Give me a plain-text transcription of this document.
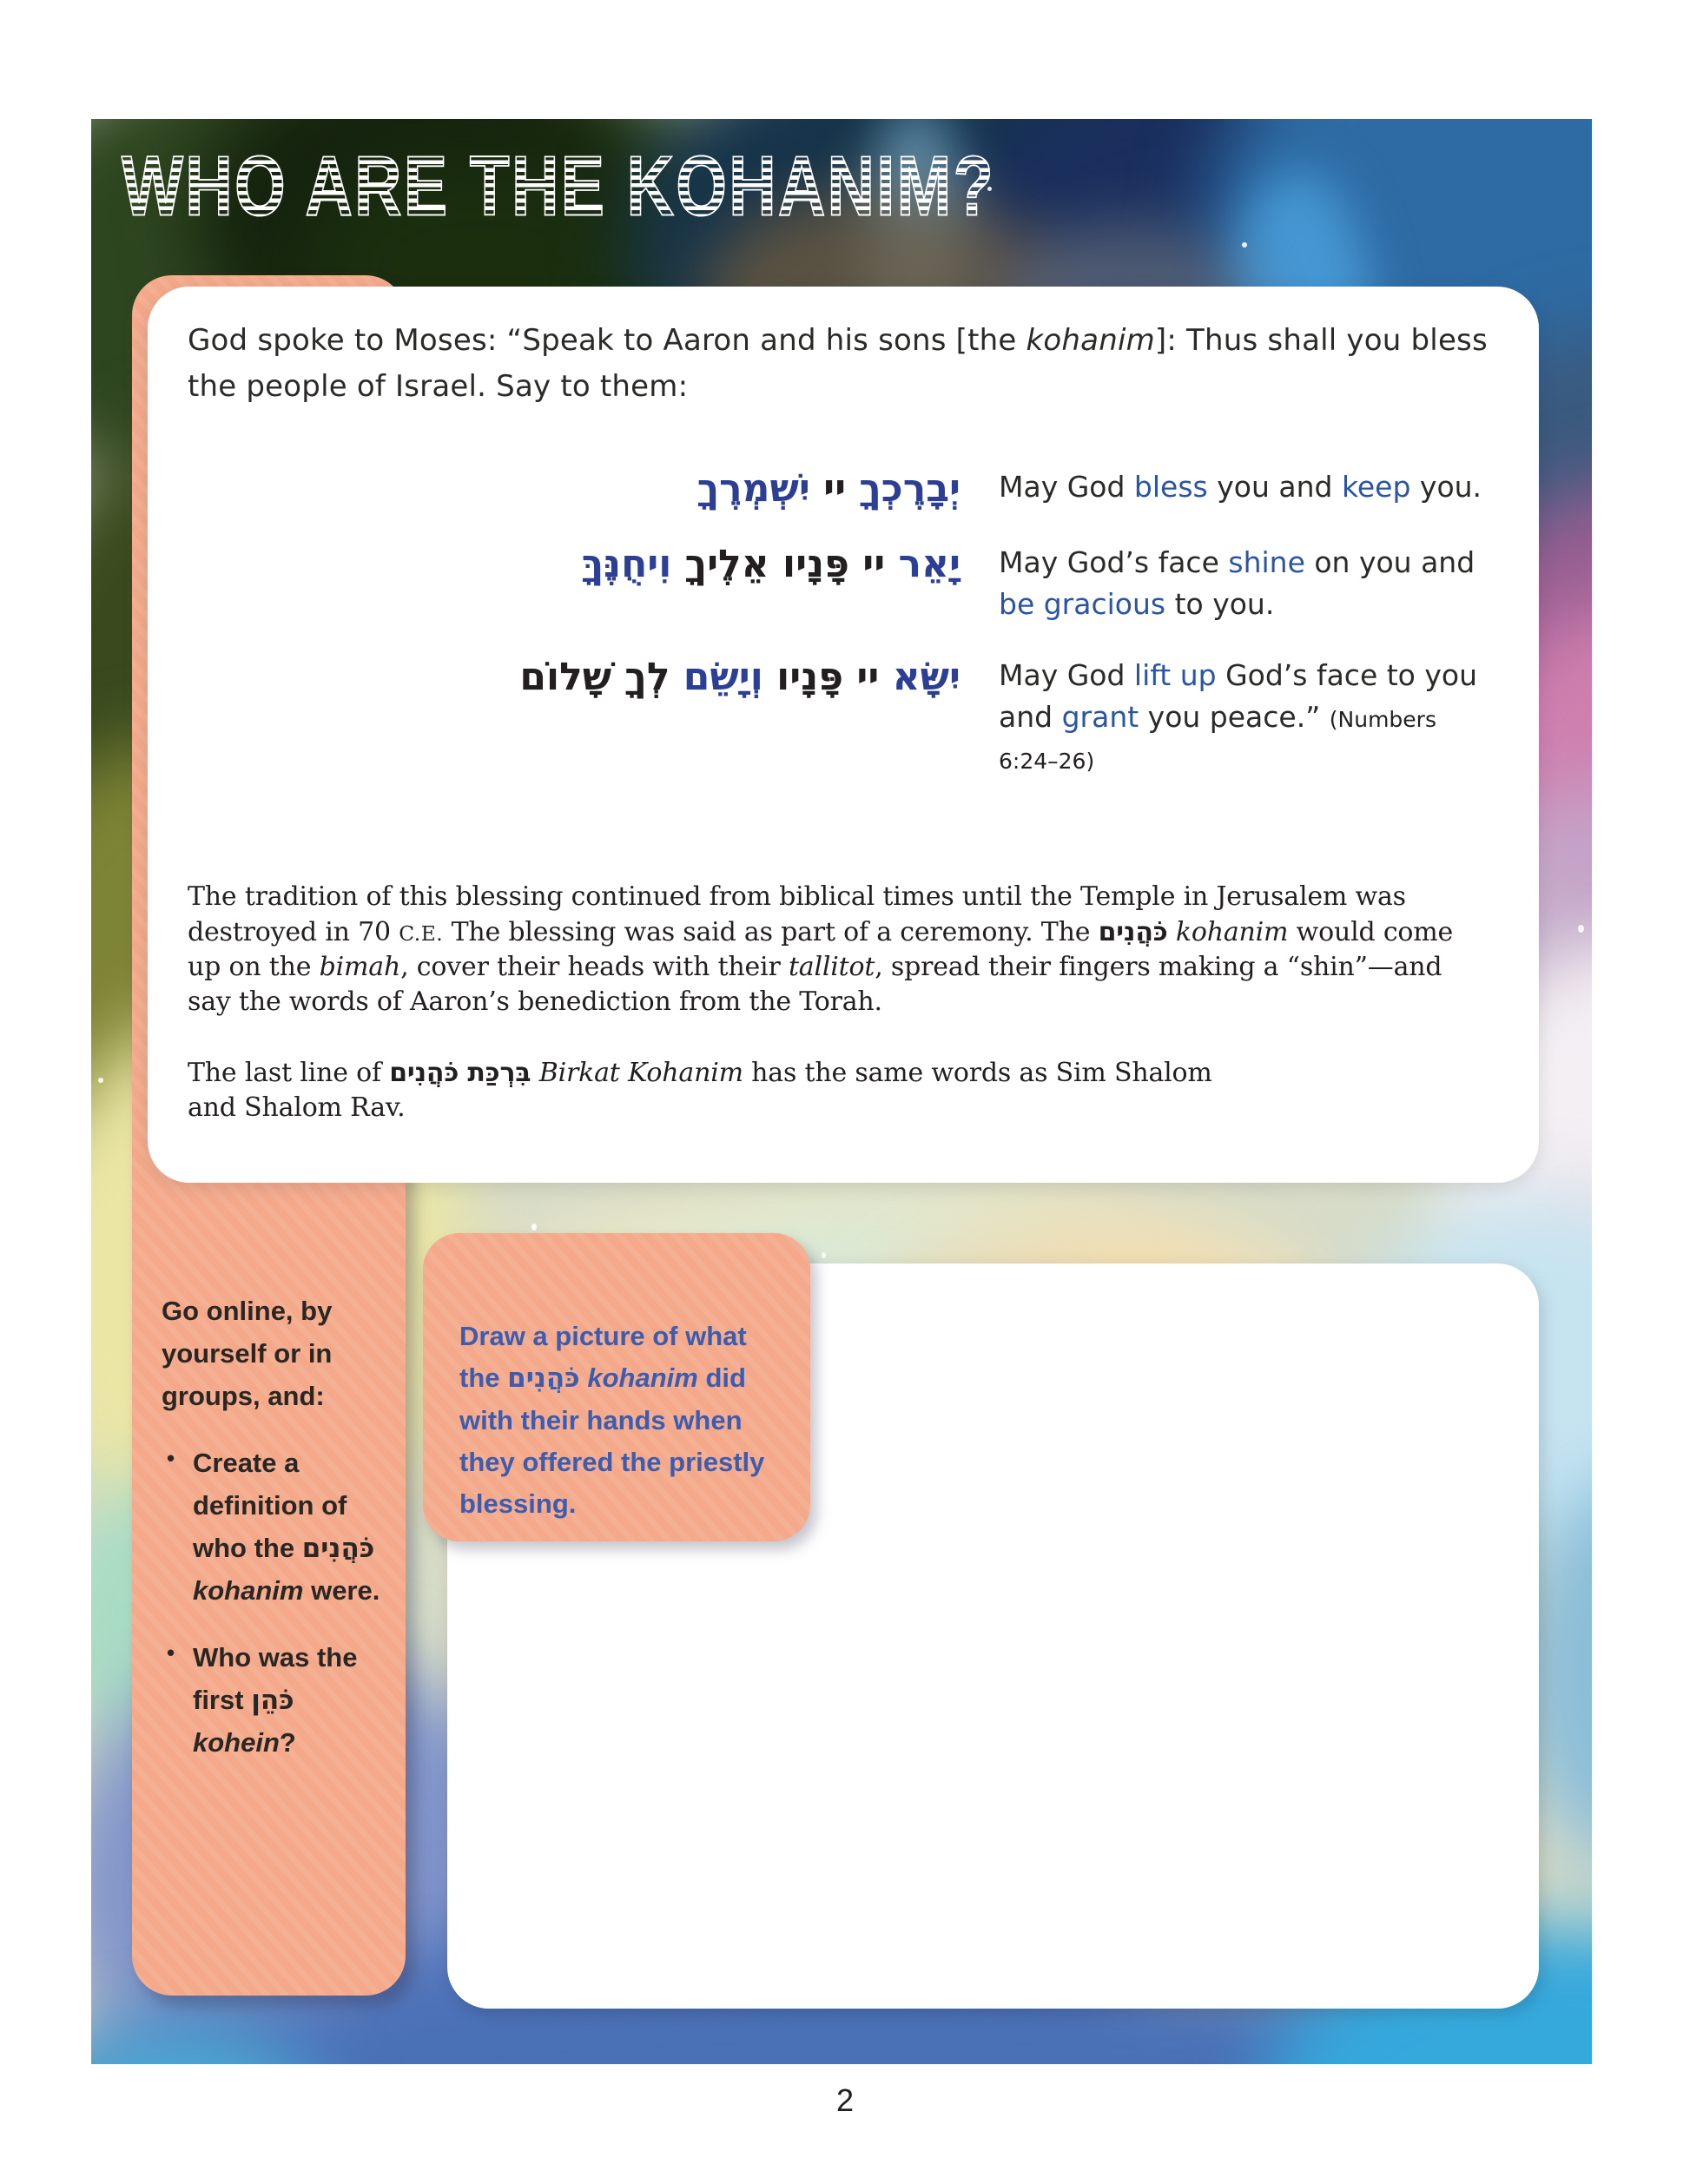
WHO ARE THE KOHANIM?

God spoke to Moses: “Speak to Aaron and his sons [the kohanim]: Thus shall you bless the people of Israel. Say to them:

יְבָרֶכְךָ יי יִשְׁמְרֶךָ	May God bless you and keep you.
יָאֵר יי פָּנָיו אֵלֶיךָ וִיחֻנֶּךָּ	May God’s face shine on you and be gracious to you.
יִשָּׂא יי פָּנָיו וְיָשֵׂם לְךָ שָׁלוֹם	May God lift up God’s face to you and grant you peace.” (Numbers 6:24–26)

The tradition of this blessing continued from biblical times until the Temple in Jerusalem was destroyed in 70 C.E. The blessing was said as part of a ceremony. The כֹּהֲנִים kohanim would come up on the bimah, cover their heads with their tallitot, spread their fingers making a “shin”—and say the words of Aaron’s benediction from the Torah.

The last line of בִּרְכַּת כֹּהֲנִים Birkat Kohanim has the same words as Sim Shalom and Shalom Rav.

Draw a picture of what the כֹּהֲנִים kohanim did with their hands when they offered the priestly blessing.

Go online, by yourself or in groups, and:
• Create a definition of who the כֹּהֲנִים kohanim were.
• Who was the first כֹּהֵן kohein?
2
